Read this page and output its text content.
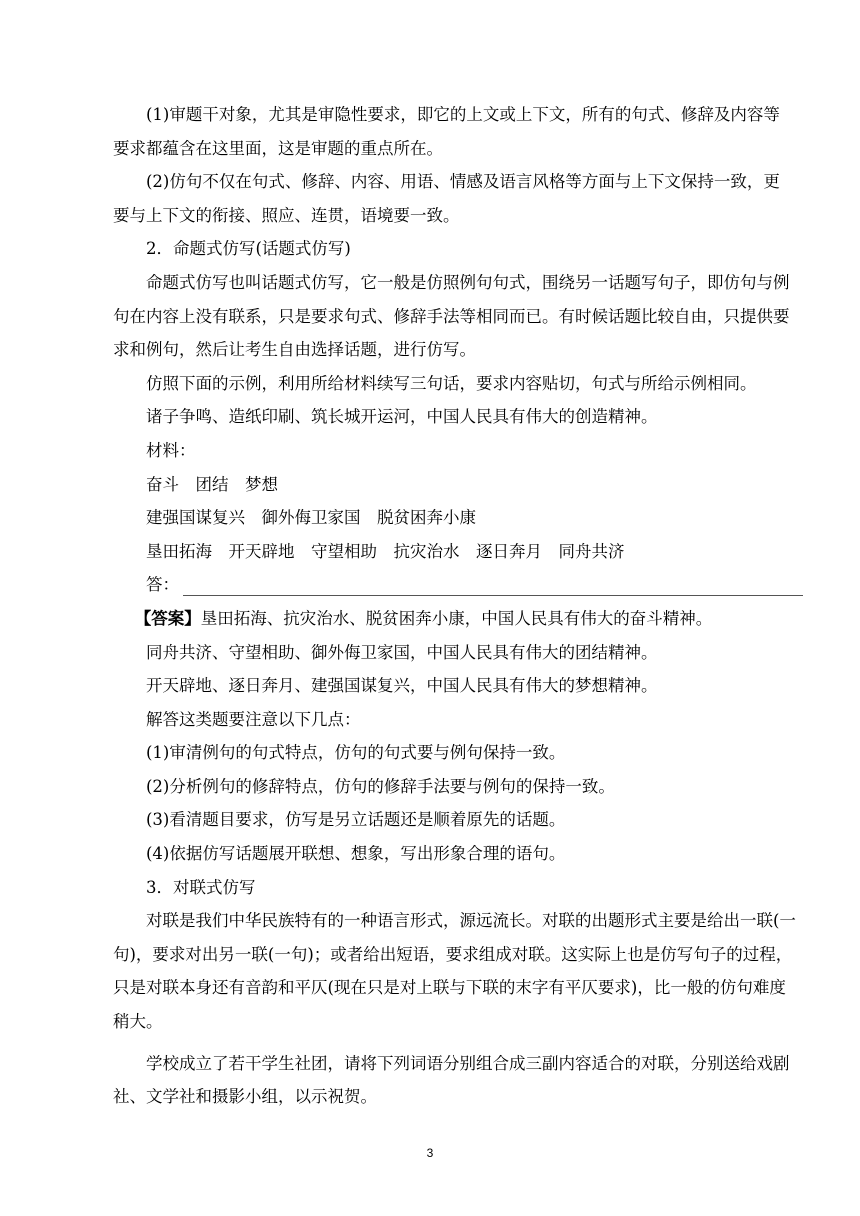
　　(1)审题干对象，尤其是审隐性要求，即它的上文或上下文，所有的句式、修辞及内容等
要求都蕴含在这里面，这是审题的重点所在。
　　(2)仿句不仅在句式、修辞、内容、用语、情感及语言风格等方面与上下文保持一致，更
要与上下文的衔接、照应、连贯，语境要一致。
　　2．命题式仿写(话题式仿写)
　　命题式仿写也叫话题式仿写，它一般是仿照例句句式，围绕另一话题写句子，即仿句与例
句在内容上没有联系，只是要求句式、修辞手法等相同而已。有时候话题比较自由，只提供要
求和例句，然后让考生自由选择话题，进行仿写。
　　仿照下面的示例，利用所给材料续写三句话，要求内容贴切，句式与所给示例相同。
　　诸子争鸣、造纸印刷、筑长城开运河，中国人民具有伟大的创造精神。
　　材料：
　　奋斗　团结　梦想
　　建强国谋复兴　御外侮卫家国　脱贫困奔小康
　　垦田拓海　开天辟地　守望相助　抗灾治水　逐日奔月　同舟共济
　　答：
　 【答案】垦田拓海、抗灾治水、脱贫困奔小康，中国人民具有伟大的奋斗精神。
　　同舟共济、守望相助、御外侮卫家国，中国人民具有伟大的团结精神。
　　开天辟地、逐日奔月、建强国谋复兴，中国人民具有伟大的梦想精神。
　　解答这类题要注意以下几点：
　　(1)审清例句的句式特点，仿句的句式要与例句保持一致。
　　(2)分析例句的修辞特点，仿句的修辞手法要与例句的保持一致。
　　(3)看清题目要求，仿写是另立话题还是顺着原先的话题。
　　(4)依据仿写话题展开联想、想象，写出形象合理的语句。
　　3．对联式仿写
　　对联是我们中华民族特有的一种语言形式，源远流长。对联的出题形式主要是给出一联(一
句)，要求对出另一联(一句)；或者给出短语，要求组成对联。这实际上也是仿写句子的过程，
只是对联本身还有音韵和平仄(现在只是对上联与下联的末字有平仄要求)，比一般的仿句难度
稍大。
　　学校成立了若干学生社团，请将下列词语分别组合成三副内容适合的对联，分别送给戏剧
社、文学社和摄影小组，以示祝贺。
3
